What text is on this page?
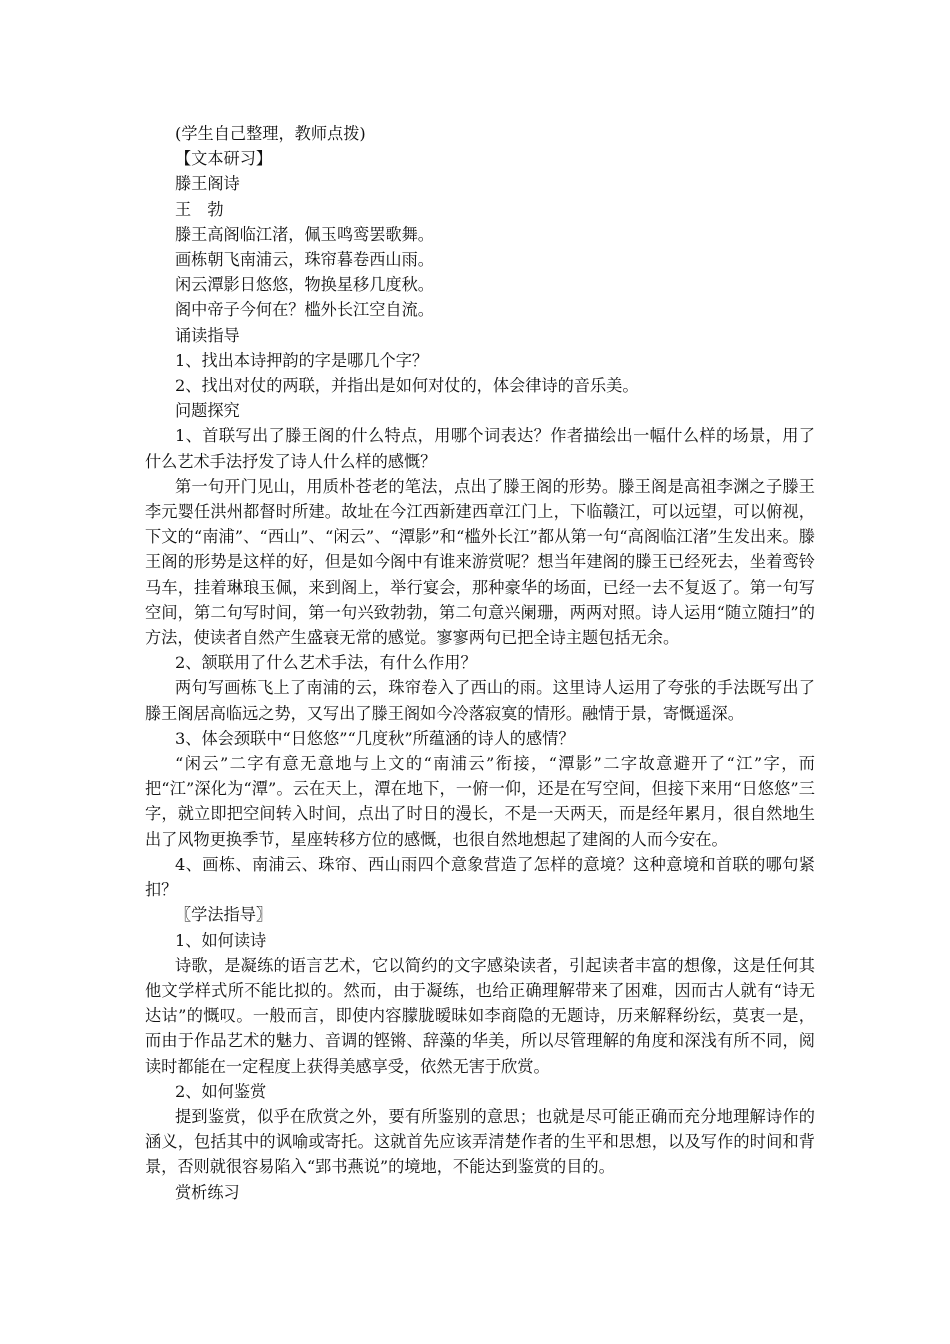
(学生自己整理，教师点拨)
【文本研习】
滕王阁诗
王　勃
滕王高阁临江渚，佩玉鸣鸾罢歌舞。
画栋朝飞南浦云，珠帘暮卷西山雨。
闲云潭影日悠悠，物换星移几度秋。
阁中帝子今何在？槛外长江空自流。
诵读指导
1、找出本诗押韵的字是哪几个字？
2、找出对仗的两联，并指出是如何对仗的，体会律诗的音乐美。
问题探究
1、首联写出了滕王阁的什么特点，用哪个词表达？作者描绘出一幅什么样的场景，用了什么艺术手法抒发了诗人什么样的感慨？
第一句开门见山，用质朴苍老的笔法，点出了滕王阁的形势。滕王阁是高祖李渊之子滕王李元婴任洪州都督时所建。故址在今江西新建西章江门上，下临赣江，可以远望，可以俯视，下文的“南浦”、“西山”、“闲云”、“潭影”和“槛外长江”都从第一句“高阁临江渚”生发出来。滕王阁的形势是这样的好，但是如今阁中有谁来游赏呢？想当年建阁的滕王已经死去，坐着鸾铃马车，挂着琳琅玉佩，来到阁上，举行宴会，那种豪华的场面，已经一去不复返了。第一句写空间，第二句写时间，第一句兴致勃勃，第二句意兴阑珊，两两对照。诗人运用“随立随扫”的方法，使读者自然产生盛衰无常的感觉。寥寥两句已把全诗主题包括无余。
2、颔联用了什么艺术手法，有什么作用？
两句写画栋飞上了南浦的云，珠帘卷入了西山的雨。这里诗人运用了夸张的手法既写出了滕王阁居高临远之势，又写出了滕王阁如今冷落寂寞的情形。融情于景，寄慨遥深。
3、体会颈联中“日悠悠”“几度秋”所蕴涵的诗人的感情？
“闲云”二字有意无意地与上文的“南浦云”衔接，“潭影”二字故意避开了“江”字，而把“江”深化为“潭”。云在天上，潭在地下，一俯一仰，还是在写空间，但接下来用“日悠悠”三字，就立即把空间转入时间，点出了时日的漫长，不是一天两天，而是经年累月，很自然地生出了风物更换季节，星座转移方位的感慨，也很自然地想起了建阁的人而今安在。
4、画栋、南浦云、珠帘、西山雨四个意象营造了怎样的意境？这种意境和首联的哪句紧扣？
〖学法指导〗
1、如何读诗
诗歌，是凝练的语言艺术，它以简约的文字感染读者，引起读者丰富的想像，这是任何其他文学样式所不能比拟的。然而，由于凝练，也给正确理解带来了困难，因而古人就有“诗无达诂”的慨叹。一般而言，即使内容朦胧暧昧如李商隐的无题诗，历来解释纷纭，莫衷一是，而由于作品艺术的魅力、音调的铿锵、辞藻的华美，所以尽管理解的角度和深浅有所不同，阅读时都能在一定程度上获得美感享受，依然无害于欣赏。
2、如何鉴赏
提到鉴赏，似乎在欣赏之外，要有所鉴别的意思；也就是尽可能正确而充分地理解诗作的涵义，包括其中的讽喻或寄托。这就首先应该弄清楚作者的生平和思想，以及写作的时间和背景，否则就很容易陷入“郢书燕说”的境地，不能达到鉴赏的目的。
赏析练习
